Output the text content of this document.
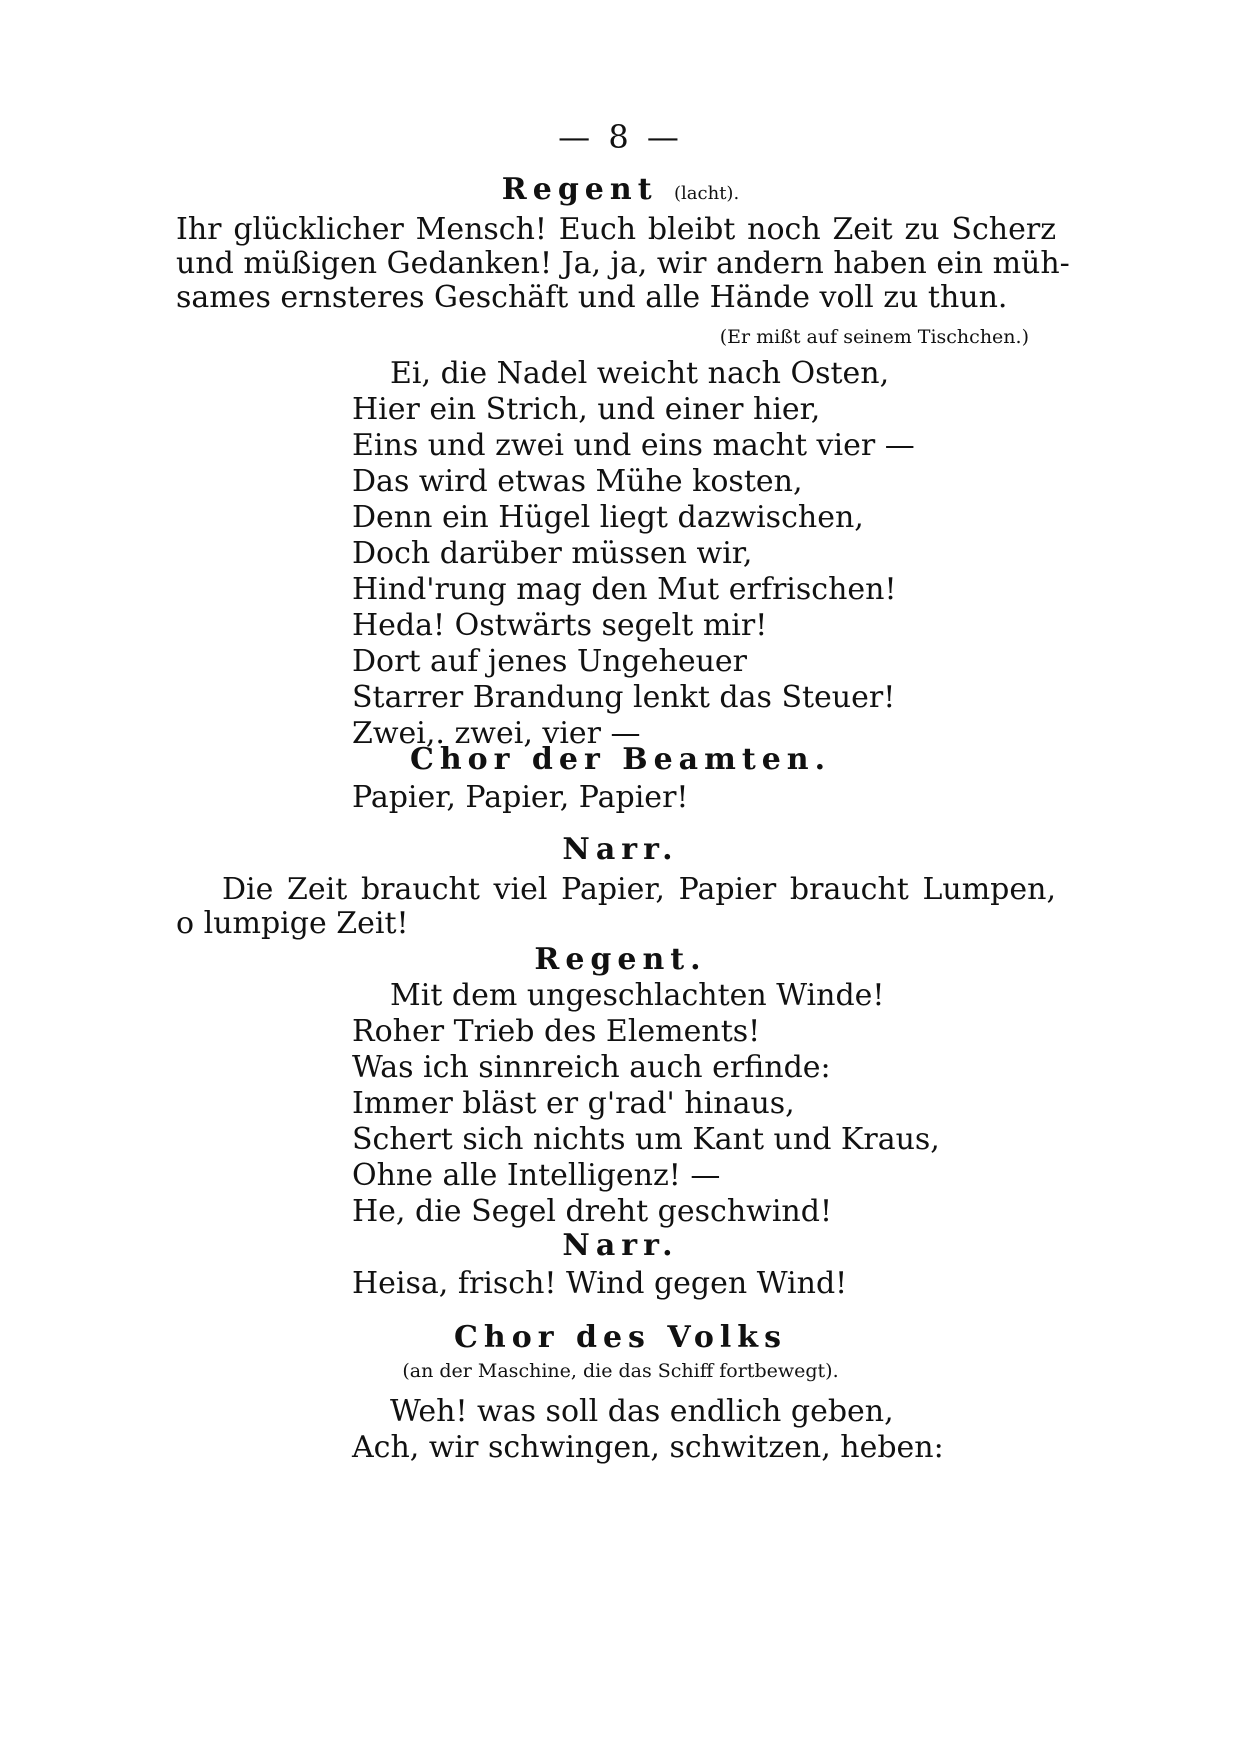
— 8 —
Regent (lacht).
Ihr glücklicher Mensch! Euch bleibt noch Zeit zu Scherz
und müßigen Gedanken! Ja, ja, wir andern haben ein müh-
sames ernsteres Geschäft und alle Hände voll zu thun.
(Er mißt auf seinem Tischchen.)
Ei, die Nadel weicht nach Osten,
Hier ein Strich, und einer hier,
Eins und zwei und eins macht vier —
Das wird etwas Mühe kosten,
Denn ein Hügel liegt dazwischen,
Doch darüber müssen wir,
Hind'rung mag den Mut erfrischen!
Heda! Ostwärts segelt mir!
Dort auf jenes Ungeheuer
Starrer Brandung lenkt das Steuer!
Zwei,. zwei, vier —
Chor der Beamten.
Papier, Papier, Papier!
Narr.
Die Zeit braucht viel Papier, Papier braucht Lumpen,
o lumpige Zeit!
Regent.
Mit dem ungeschlachten Winde!
Roher Trieb des Elements!
Was ich sinnreich auch erfinde:
Immer bläst er g'rad' hinaus,
Schert sich nichts um Kant und Kraus,
Ohne alle Intelligenz! —
He, die Segel dreht geschwind!
Narr.
Heisa, frisch! Wind gegen Wind!
Chor des Volks
(an der Maschine, die das Schiff fortbewegt).
Weh! was soll das endlich geben,
Ach, wir schwingen, schwitzen, heben:
